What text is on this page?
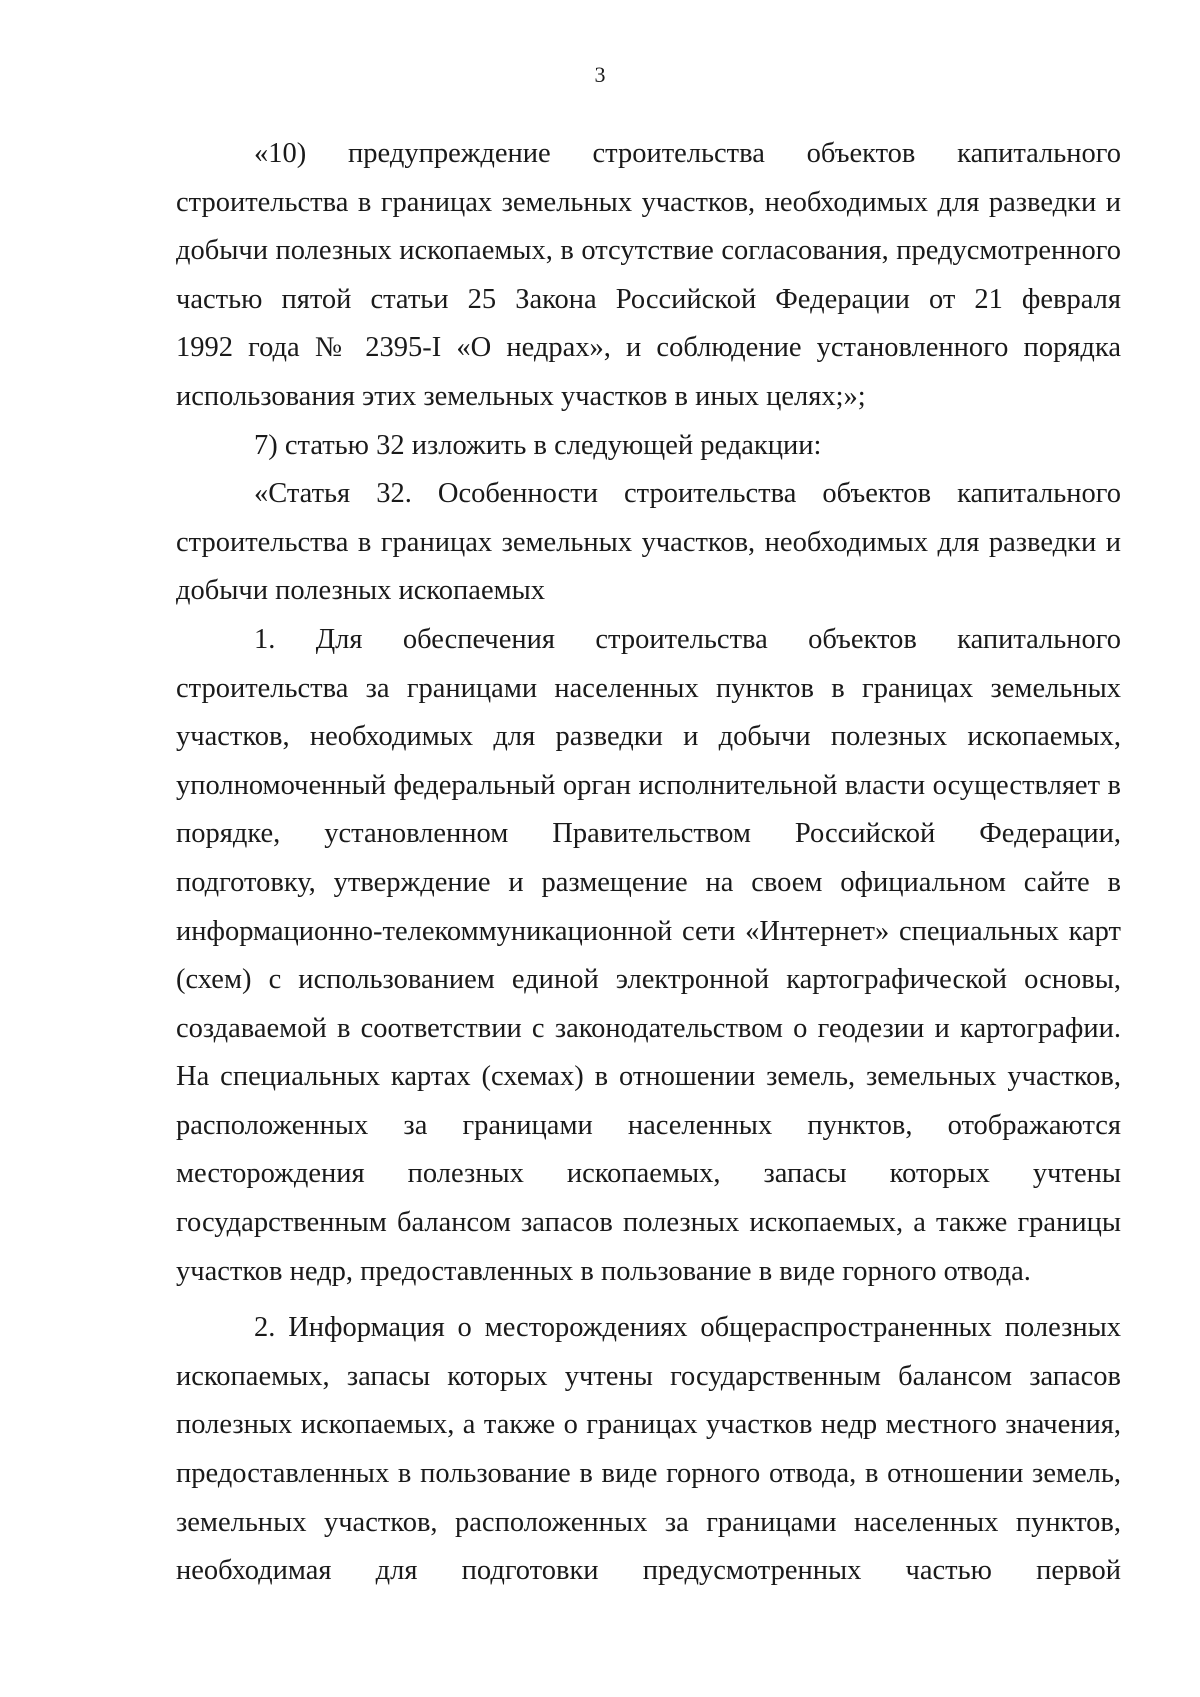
3
«10) предупреждение строительства объектов капитального
строительства в границах земельных участков, необходимых для разведки и
добычи полезных ископаемых, в отсутствие согласования, предусмотренного
частью пятой статьи 25 Закона Российской Федерации от 21 февраля
1992 года № 2395-I «О недрах», и соблюдение установленного порядка
использования этих земельных участков в иных целях;»;
7) статью 32 изложить в следующей редакции:
«Статья 32. Особенности строительства объектов капитального
строительства в границах земельных участков, необходимых для разведки и
добычи полезных ископаемых
1. Для обеспечения строительства объектов капитального
строительства за границами населенных пунктов в границах земельных
участков, необходимых для разведки и добычи полезных ископаемых,
уполномоченный федеральный орган исполнительной власти осуществляет в
порядке, установленном Правительством Российской Федерации,
подготовку, утверждение и размещение на своем официальном сайте в
информационно-телекоммуникационной сети «Интернет» специальных карт
(схем) с использованием единой электронной картографической основы,
создаваемой в соответствии с законодательством о геодезии и картографии.
На специальных картах (схемах) в отношении земель, земельных участков,
расположенных за границами населенных пунктов, отображаются
месторождения полезных ископаемых, запасы которых учтены
государственным балансом запасов полезных ископаемых, а также границы
участков недр, предоставленных в пользование в виде горного отвода.
2. Информация о месторождениях общераспространенных полезных
ископаемых, запасы которых учтены государственным балансом запасов
полезных ископаемых, а также о границах участков недр местного значения,
предоставленных в пользование в виде горного отвода, в отношении земель,
земельных участков, расположенных за границами населенных пунктов,
необходимая для подготовки предусмотренных частью первой
